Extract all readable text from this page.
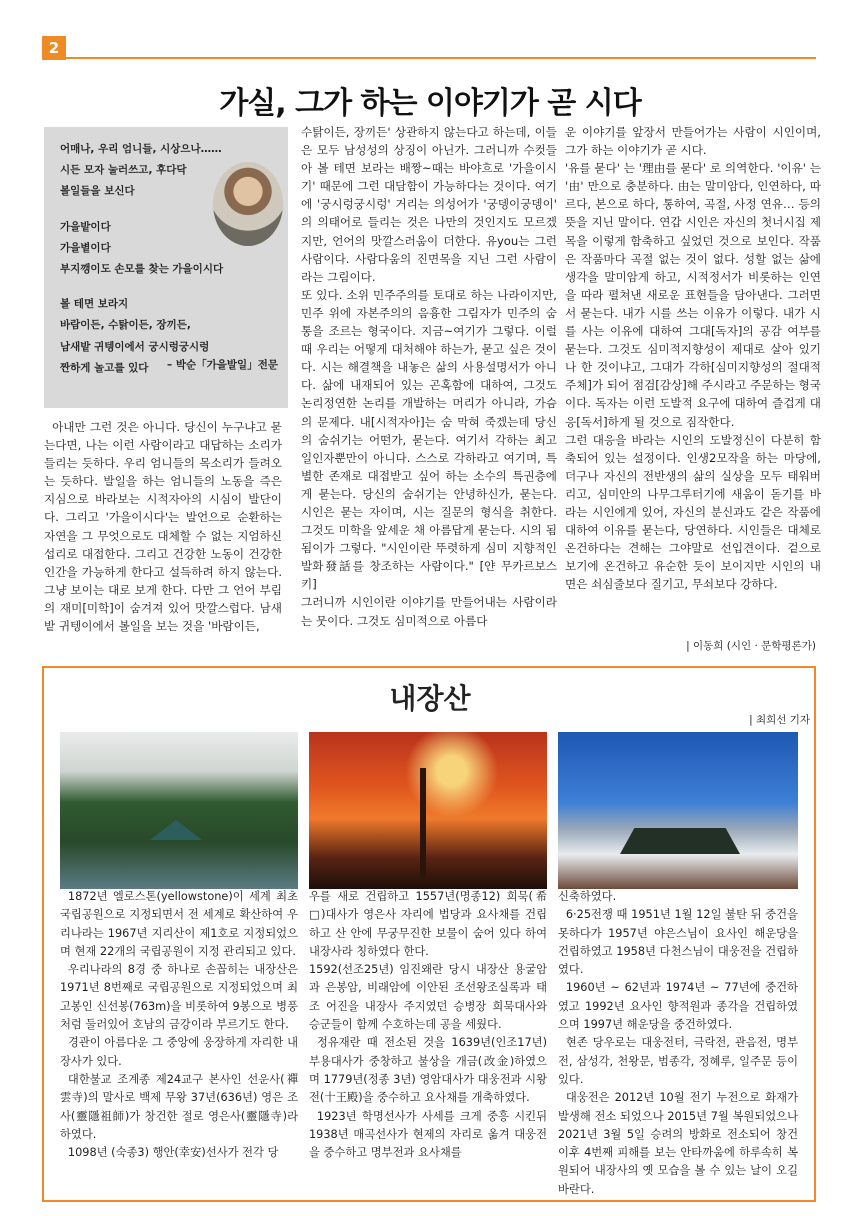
2
가실, 그가 하는 이야기가 곧 시다
어매나, 우리 엄니들, 시상으나……
시든 모자 눌러쓰고, 후다닥
볼일들을 보신다
가을밭이다
가을볕이다
부지깽이도 손모를 찾는 가을이시다
볼 테면 보라지
바람이든, 수탉이든, 장끼든,
남새밭 귀텡이에서 궁시렁궁시렁
짠하게 놀고를 있다	– 박순「가을발일」전문

아내만 그런 것은 아니다. 당신이 누구냐고 묻는다면, 나는 이런 사람이라고 대답하는 소리가 들리는 듯하다. 우리 엄니들의 목소리가 들려오는 듯하다. 발일을 하는 엄니들의 노동을 즉은지심으로 바라보는 시적자아의 시심이 발단이다. 그리고 '가을이시다'는 발언으로 순환하는 자연을 그 무엇으로도 대체할 수 없는 지엄하신 섭리로 대접한다. 그리고 건강한 노동이 건강한 인간을 가능하게 한다고 설득하려 하지 않는다. 그냥 보이는 대로 보게 한다. 다만 그 언어 부림의 재미[미학]이 숨겨져 있어 맛깔스럽다. 남새밭 귀텡이에서 볼일을 보는 것을 '바람이든,

수탉이든, 장끼든' 상관하지 않는다고 하는데, 이들은 모두 남성성의 상징이 아닌가. 그러니까 수컷들아 볼 테면 보라는 배짱~때는 바야흐로 '가을이시기' 때문에 그런 대담함이 가능하다는 것이다. 여기에 '궁시렁궁시렁' 거리는 의성어가 '궁뎅이궁뎅이' 의 의태어로 들리는 것은 나만의 것인지도 모르겠지만, 언어의 맛깔스러움이 더한다. 유you는 그런 사람이다. 사람다움의 진면목을 지닌 그런 사람이라는 그림이다.

또 있다. 소위 민주주의를 토대로 하는 나라이지만, 민주 위에 자본주의의 음흉한 그림자가 민주의 숨통을 조르는 형국이다. 지금~여기가 그렇다. 이럴 때 우리는 어떻게 대처해야 하는가, 묻고 싶은 것이다. 시는 해결책을 내놓은 삶의 사용설명서가 아니다. 삶에 내재되어 있는 곤혹함에 대하여, 그것도 논리정연한 논리를 개발하는 머리가 아니라, 가슴의 문제다. 내[시적자아]는 숨 막혀 죽겠는데 당신의 숨쉬기는 어떤가, 묻는다. 여기서 각하는 최고 일인자뿐만이 아니다. 스스로 각하라고 여기며, 특별한 존재로 대접받고 싶어 하는 소수의 특권층에게 묻는다. 당신의 숨쉬기는 안녕하신가, 묻는다. 시인은 묻는 자이며, 시는 질문의 형식을 취한다. 그것도 미학을 앞세운 채 아름답게 묻는다. 시의 됨됨이가 그렇다. "시인이란 뚜렷하게 심미 지향적인 발화發話를 창조하는 사람이다." [얀 무카르보스키]

그러니까 시인이란 이야기를 만들어내는 사람이라는 뭇이다. 그것도 심미적으로 아름다

운 이야기를 앞장서 만들어가는 사람이 시인이며, 그가 하는 이야기가 곧 시다.

'유를 묻다' 는 '理由를 묻다' 로 의역한다. '이유' 는 '由' 만으로 충분하다. 由는 말미암다, 인연하다, 따르다, 본으로 하다, 통하여, 곡절, 사정 연유… 등의 뜻을 지닌 말이다. 연갑 시인은 자신의 첫너시집 제목을 이렇게 함축하고 싶었던 것으로 보인다. 작품은 작품마다 곡절 없는 것이 없다. 성할 없는 삶에 생각을 말미암게 하고, 시적정서가 비롯하는 인연을 따라 펼쳐낸 새로운 표현들을 담아낸다. 그러면서 묻는다. 내가 시를 쓰는 이유가 이렇다. 내가 시를 사는 이유에 대하여 그대[독자]의 공감 여부를 묻는다. 그것도 심미적지향성이 제대로 살아 있기나 한 것이냐고, 그대가 각하[심미지향성의 절대적 주체]가 되어 점검[감상]해 주시라고 주문하는 형국이다. 독자는 이런 도발적 요구에 대하여 즐겁게 대응[독서]하게 될 것으로 짐작한다.

그런 대응을 바라는 시인의 도발정신이 다분히 함축되어 있는 설정이다. 인생2모작을 하는 마당에, 더구나 자신의 전반생의 삶의 실상을 모두 태워버리고, 심미안의 나무그루터기에 새움이 돋기를 바라는 시인에게 있어, 자신의 분신과도 같은 작품에 대하여 이유를 묻는다, 당연하다. 시인들은 대체로 온건하다는 견해는 그야말로 선입견이다. 겉으로 보기에 온건하고 유순한 듯이 보이지만 시인의 내면은 쇠심줄보다 질기고, 무쇠보다 강하다.

| 이동희 (시인 · 문학평론가)
내장산
| 최희선 기자

1872년 엘로스톤(yellowstone)이 세계 최초 국립공원으로 지정되면서 전 세계로 확산하여 우리나라는 1967년 지리산이 제1호로 지정되었으며 현재 22개의 국립공원이 지정 관리되고 있다.

우리나라의 8경 중 하나로 손꼽히는 내장산은 1971년 8번째로 국립공원으로 지정되었으며 최고봉인 신선봉(763m)을 비롯하여 9봉으로 병풍처럼 둘러있어 호남의 금강이라 부르기도 한다.

경관이 아름다운 그 중앙에 웅장하게 자리한 내장사가 있다.

대한불교 조계종 제24교구 본사인 선운사(禪雲寺)의 말사로 백제 무왕 37년(636년) 영은 조사(靈隱祖師)가 창건한 절로 영은사(靈隱寺)라 하였다.

1098년 (숙종3) 행안(幸安)선사가 전각 당

우를 새로 건립하고 1557년(명종12) 희묵(希□)대사가 영은사 자리에 법당과 요사채를 건립하고 산 안에 무궁무진한 보물이 숨어 있다 하여 내장사라 칭하였다 한다.

1592(선조25년) 임진왜란 당시 내장산 용굴암과 은봉암, 비래암에 이안된 조선왕조실록과 태조 어진을 내장사 주지였던 승병장 희묵대사와 승군들이 함께 수호하는데 공을 세웠다.

정유재란 때 전소된 것을 1639년(인조17년) 부용대사가 중창하고 불상을 개금(改金)하였으며 1779년(정종 3년) 영암대사가 대웅전과 시왕전(十王殿)을 중수하고 요사채를 개축하였다.

1923년 학명선사가 사세를 크게 중흥 시킨뒤 1938년 매곡선사가 현제의 자리로 옮겨 대웅전을 중수하고 명부전과 요사채를

신축하였다.

6·25전쟁 때 1951년 1월 12일 불탄 뒤 중건을 못하다가 1957년 야은스님이 요사인 해운당을 건립하였고 1958년 다천스님이 대웅전을 건립하였다.

1960년 ~ 62년과 1974년 ~ 77년에 중건하였고 1992년 요사인 향적원과 종각을 건립하였으며 1997년 해운당을 중건하였다.

현존 당우로는 대웅전터, 극락전, 관음전, 명부전, 삼성각, 천왕문, 범종각, 정혜루, 일주문 등이 있다.

대웅전은 2012년 10월 전기 누전으로 화재가 발생해 전소 되었으나 2015년 7월 복원되었으나 2021년 3월 5일 승려의 방화로 전소되어 창건 이후 4번째 피해를 보는 안타까움에 하루속히 복원되어 내장사의 옛 모습을 볼 수 있는 날이 오길 바란다.
